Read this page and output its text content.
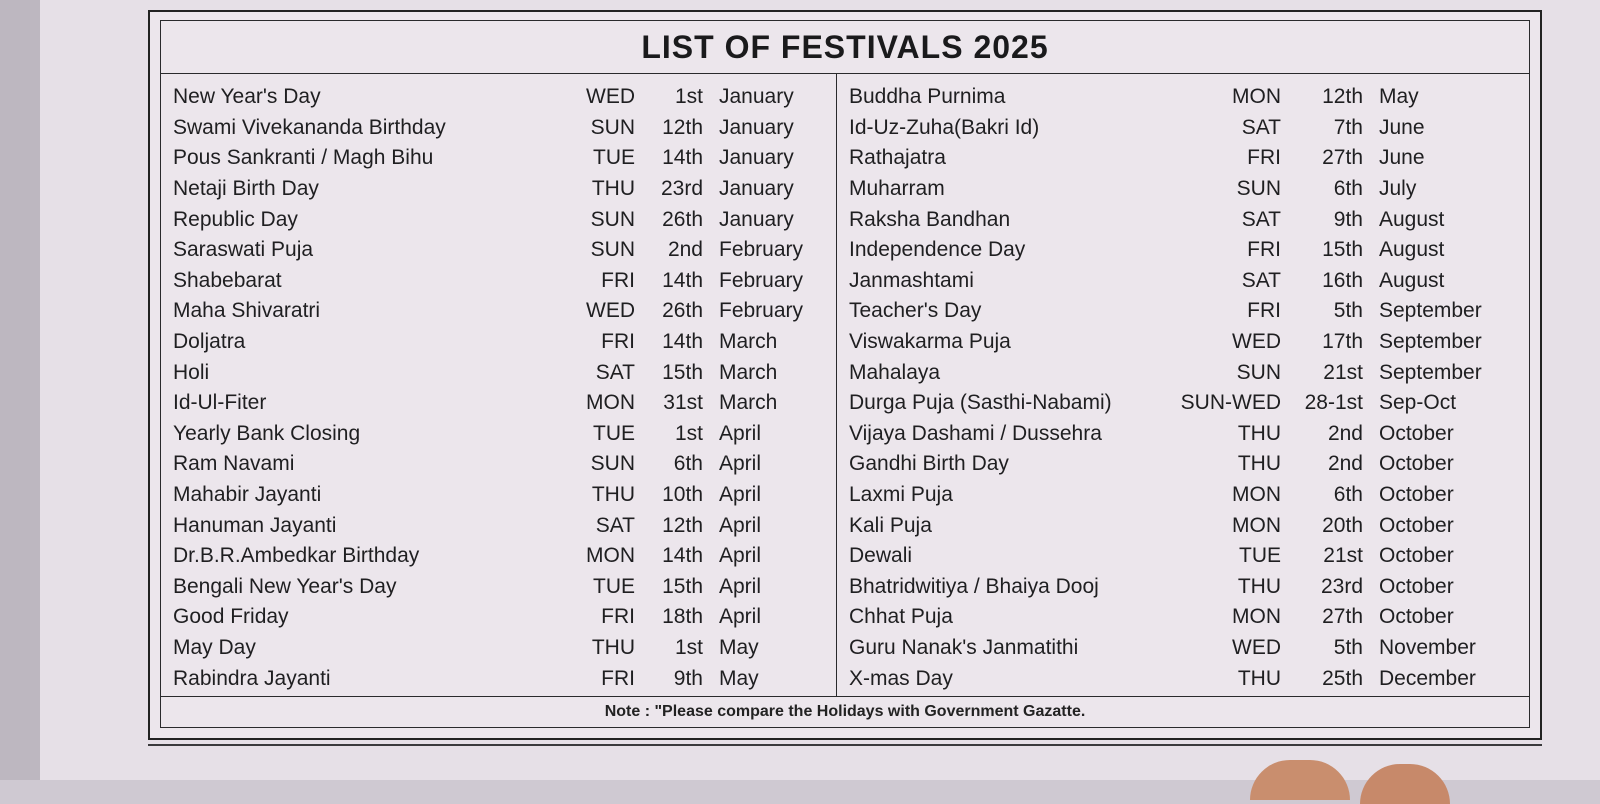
LIST OF FESTIVALS 2025
New Year's Day	WED	1st January
Swami Vivekananda Birthday	SUN	12th January
Pous Sankranti / Magh Bihu	TUE	14th January
Netaji Birth Day	THU	23rd January
Republic Day	SUN	26th January
Saraswati Puja	SUN	2nd February
Shabebarat	FRI	14th February
Maha Shivaratri	WED	26th February
Doljatra	FRI	14th March
Holi	SAT	15th March
Id-Ul-Fiter	MON	31st March
Yearly Bank Closing	TUE	1st April
Ram Navami	SUN	6th April
Mahabir Jayanti	THU	10th April
Hanuman Jayanti	SAT	12th April
Dr.B.R.Ambedkar Birthday	MON	14th April
Bengali New Year's Day	TUE	15th April
Good Friday	FRI	18th April
May Day	THU	1st May
Rabindra Jayanti	FRI	9th May
Buddha Purnima	MON	12th May
Id-Uz-Zuha(Bakri Id)	SAT	7th June
Rathajatra	FRI	27th June
Muharram	SUN	6th July
Raksha Bandhan	SAT	9th August
Independence Day	FRI	15th August
Janmashtami	SAT	16th August
Teacher's Day	FRI	5th September
Viswakarma Puja	WED	17th September
Mahalaya	SUN	21st September
Durga Puja (Sasthi-Nabami)	SUN-WED	28-1st Sep-Oct
Vijaya Dashami / Dussehra	THU	2nd October
Gandhi Birth Day	THU	2nd October
Laxmi Puja	MON	6th October
Kali Puja	MON	20th October
Dewali	TUE	21st October
Bhatridwitiya / Bhaiya Dooj	THU	23rd October
Chhat Puja	MON	27th October
Guru Nanak's Janmatithi	WED	5th November
X-mas Day	THU	25th December
Note : "Please compare the Holidays with Government Gazatte.
